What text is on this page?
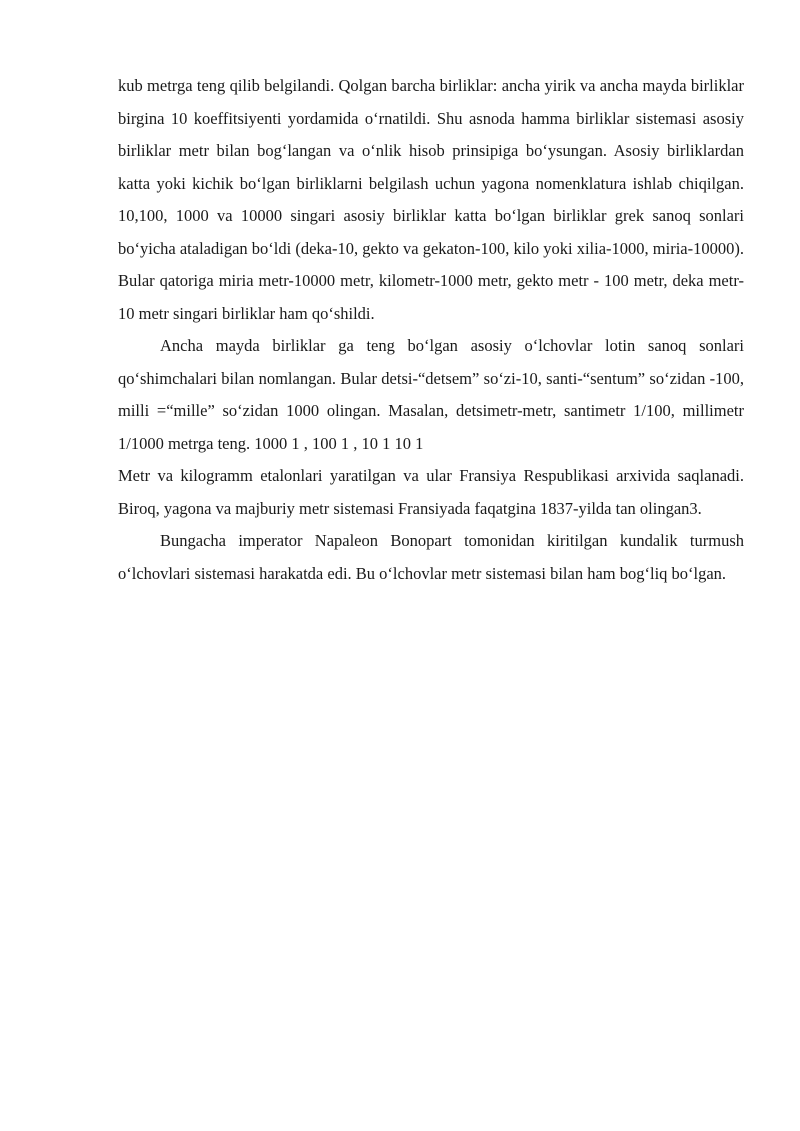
kub metrga teng qilib belgilandi. Qolgan barcha birliklar: ancha yirik va ancha mayda birliklar birgina 10 koeffitsiyenti yordamida o‘rnatildi. Shu asnoda hamma birliklar sistemasi asosiy birliklar metr bilan bog‘langan va o‘nlik hisob prinsipiga bo‘ysungan. Asosiy birliklardan katta yoki kichik bo‘lgan birliklarni belgilash uchun yagona nomenklatura ishlab chiqilgan. 10,100, 1000 va 10000 singari asosiy birliklar katta bo‘lgan birliklar grek sanoq sonlari bo‘yicha ataladigan bo‘ldi (deka-10, gekto va gekaton-100, kilo yoki xilia-1000, miria-10000). Bular qatoriga miria metr-10000 metr, kilometr-1000 metr, gekto metr - 100 metr, deka metr-10 metr singari birliklar ham qo‘shildi.

Ancha mayda birliklar ga teng bo‘lgan asosiy o‘lchovlar lotin sanoq sonlari qo‘shimchalari bilan nomlangan. Bular detsi-“detsem” so‘zi-10, santi-“sentum” so‘zidan -100, milli =“mille” so‘zidan 1000 olingan. Masalan, detsimetr-metr, santimetr 1/100, millimetr 1/1000 metrga teng. 1000 1 , 100 1 , 10 1 10 1

Metr va kilogramm etalonlari yaratilgan va ular Fransiya Respublikasi arxivida saqlanadi. Biroq, yagona va majburiy metr sistemasi Fransiyada faqatgina 1837-yilda tan olingan3.

Bungacha imperator Napaleon Bonopart tomonidan kiritilgan kundalik turmush o‘lchovlari sistemasi harakatda edi. Bu o‘lchovlar metr sistemasi bilan ham bog‘liq bo‘lgan.
